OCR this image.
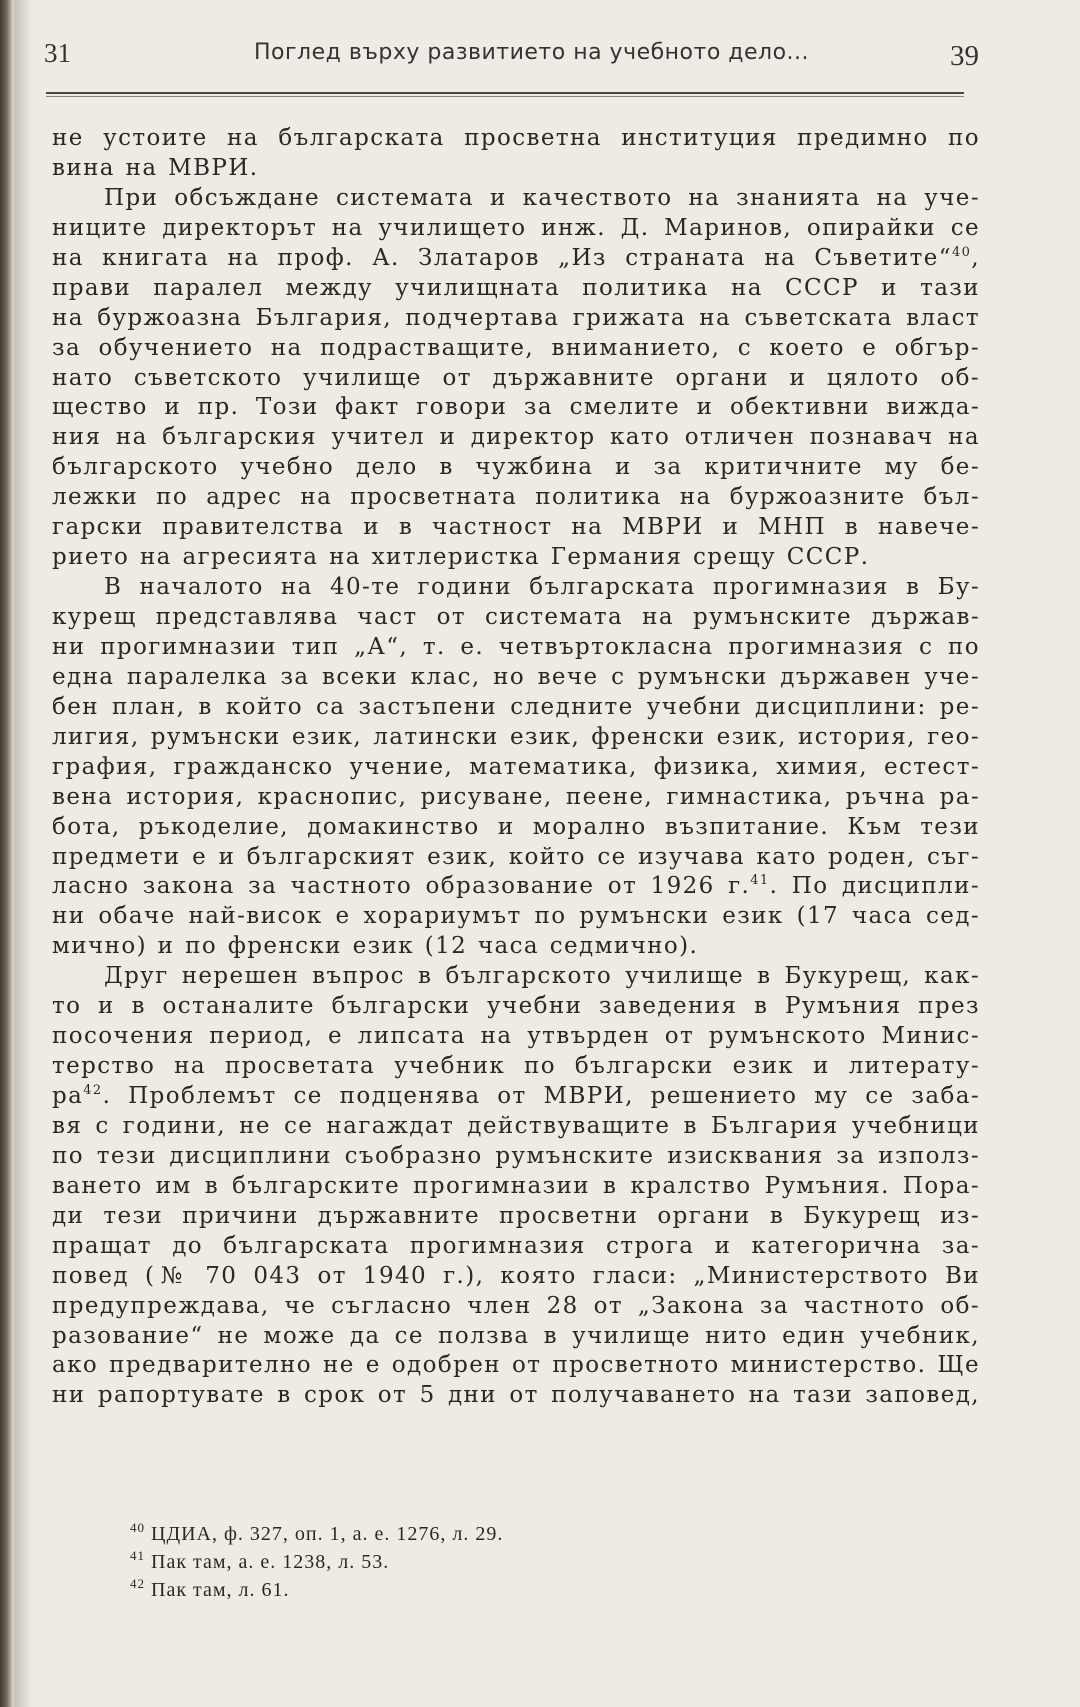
31	Поглед върху развитието на учебното дело...	39
не устоите на българската просветна институция предимно по
вина на МВРИ.
При обсъждане системата и качеството на знанията на уче-
ниците директорът на училището инж. Д. Маринов, опирайки се
на книгата на проф. А. Златаров „Из страната на Съветите“$^{40}$,
прави паралел между училищната политика на СССР и тази
на буржоазна България, подчертава грижата на съветската власт
за обучението на подрастващите, вниманието, с което е обгър-
нато съветското училище от държавните органи и цялото об-
щество и пр. Този факт говори за смелите и обективни вижда-
ния на българския учител и директор като отличен познавач на
българското учебно дело в чужбина и за критичните му бе-
лежки по адрес на просветната политика на буржоазните бъл-
гарски правителства и в частност на МВРИ и МНП в навече-
рието на агресията на хитлеристка Германия срещу СССР.
В началото на 40-те години българската прогимназия в Бу-
курещ представлява част от системата на румънските държав-
ни прогимназии тип „А“, т. е. четвъртокласна прогимназия с по
една паралелка за всеки клас, но вече с румънски държавен уче-
бен план, в който са застъпени следните учебни дисциплини: ре-
лигия, румънски език, латински език, френски език, история, гео-
графия, гражданско учение, математика, физика, химия, естест-
вена история, краснопис, рисуване, пеене, гимнастика, ръчна ра-
бота, ръкоделие, домакинство и морално възпитание. Към тези
предмети е и българският език, който се изучава като роден, съг-
ласно закона за частното образование от 1926 г.$^{41}$. По дисципли-
ни обаче най-висок е хорариумът по румънски език (17 часа сед-
мично) и по френски език (12 часа седмично).
Друг нерешен въпрос в българското училище в Букурещ, как-
то и в останалите български учебни заведения в Румъния през
посочения период, е липсата на утвърден от румънското Минис-
терство на просветата учебник по български език и литерату-
$ра^{42}$. Проблемът се подценява от МВРИ, решението му се заба-
вя с години, не се нагаждат действуващите в България учебници
по тези дисциплини съобразно румънските изисквания за използ-
ването им в българските прогимназии в кралство Румъния. Пора-
ди тези причини държавните просветни органи в Букурещ из-
пращат до българската прогимназия строга и категорична за-
повед (№ 70 043 от 1940 г.), която гласи: „Министерството Ви
предупреждава, че съгласно член 28 от „Закона за частното об-
разование“ не може да се ползва в училище нито един учебник,
ако предварително не е одобрен от просветното министерство. Ще
ни рапортувате в срок от 5 дни от получаването на тази заповед,
$^{40}$ ЦДИА, ф. 327, оп. 1, а. е. 1276, л. 29.
$^{41}$ Пак там, а. е. 1238, л. 53.
$^{42}$ Пак там, л. 61.
